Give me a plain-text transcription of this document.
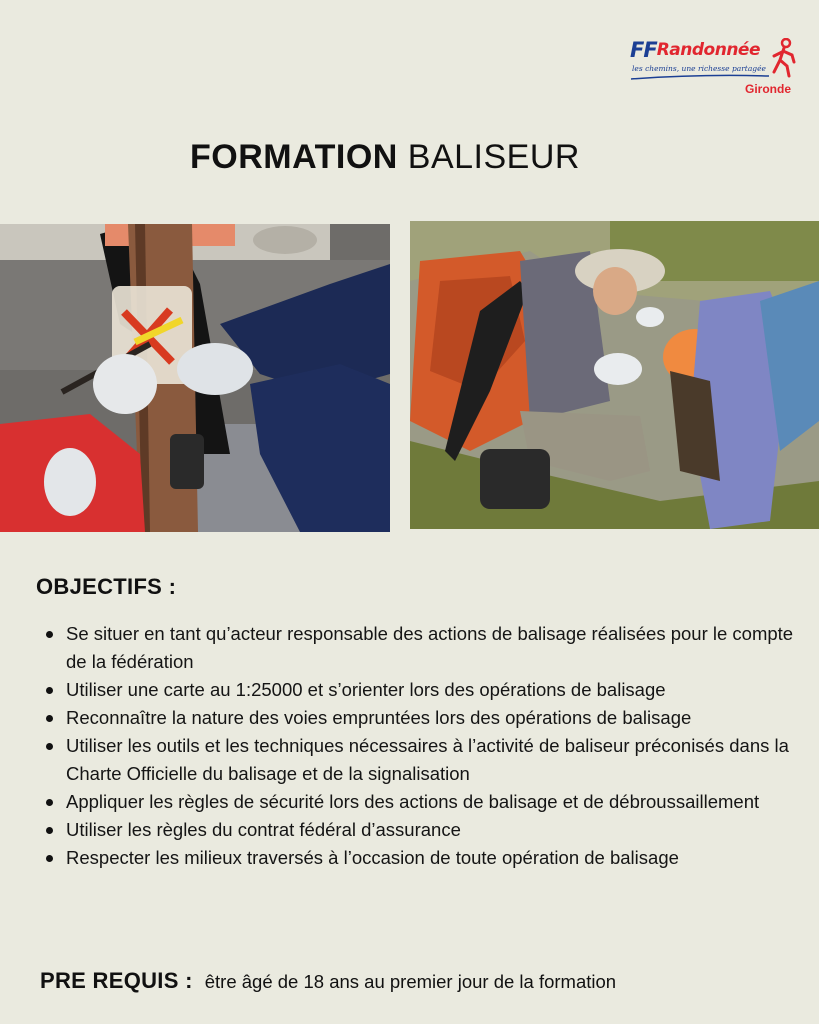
FF Randonnée
les chemins, une richesse partagée
Gironde
FORMATION BALISEUR
OBJECTIFS :
Se situer en tant qu’acteur responsable des actions de balisage réalisées pour le compte de la fédération
Utiliser une carte au 1:25000 et s’orienter lors des opérations de balisage
Reconnaître la nature des voies empruntées lors des opérations de balisage
Utiliser les outils et les techniques nécessaires à l’activité de baliseur préconisés dans la Charte Officielle du balisage et de la signalisation
Appliquer les règles de sécurité lors des actions de balisage et de débroussaillement
Utiliser les règles du contrat fédéral d’assurance
Respecter les milieux traversés à l’occasion de toute opération de balisage
PRE REQUIS : être âgé de 18 ans au premier jour de la formation
